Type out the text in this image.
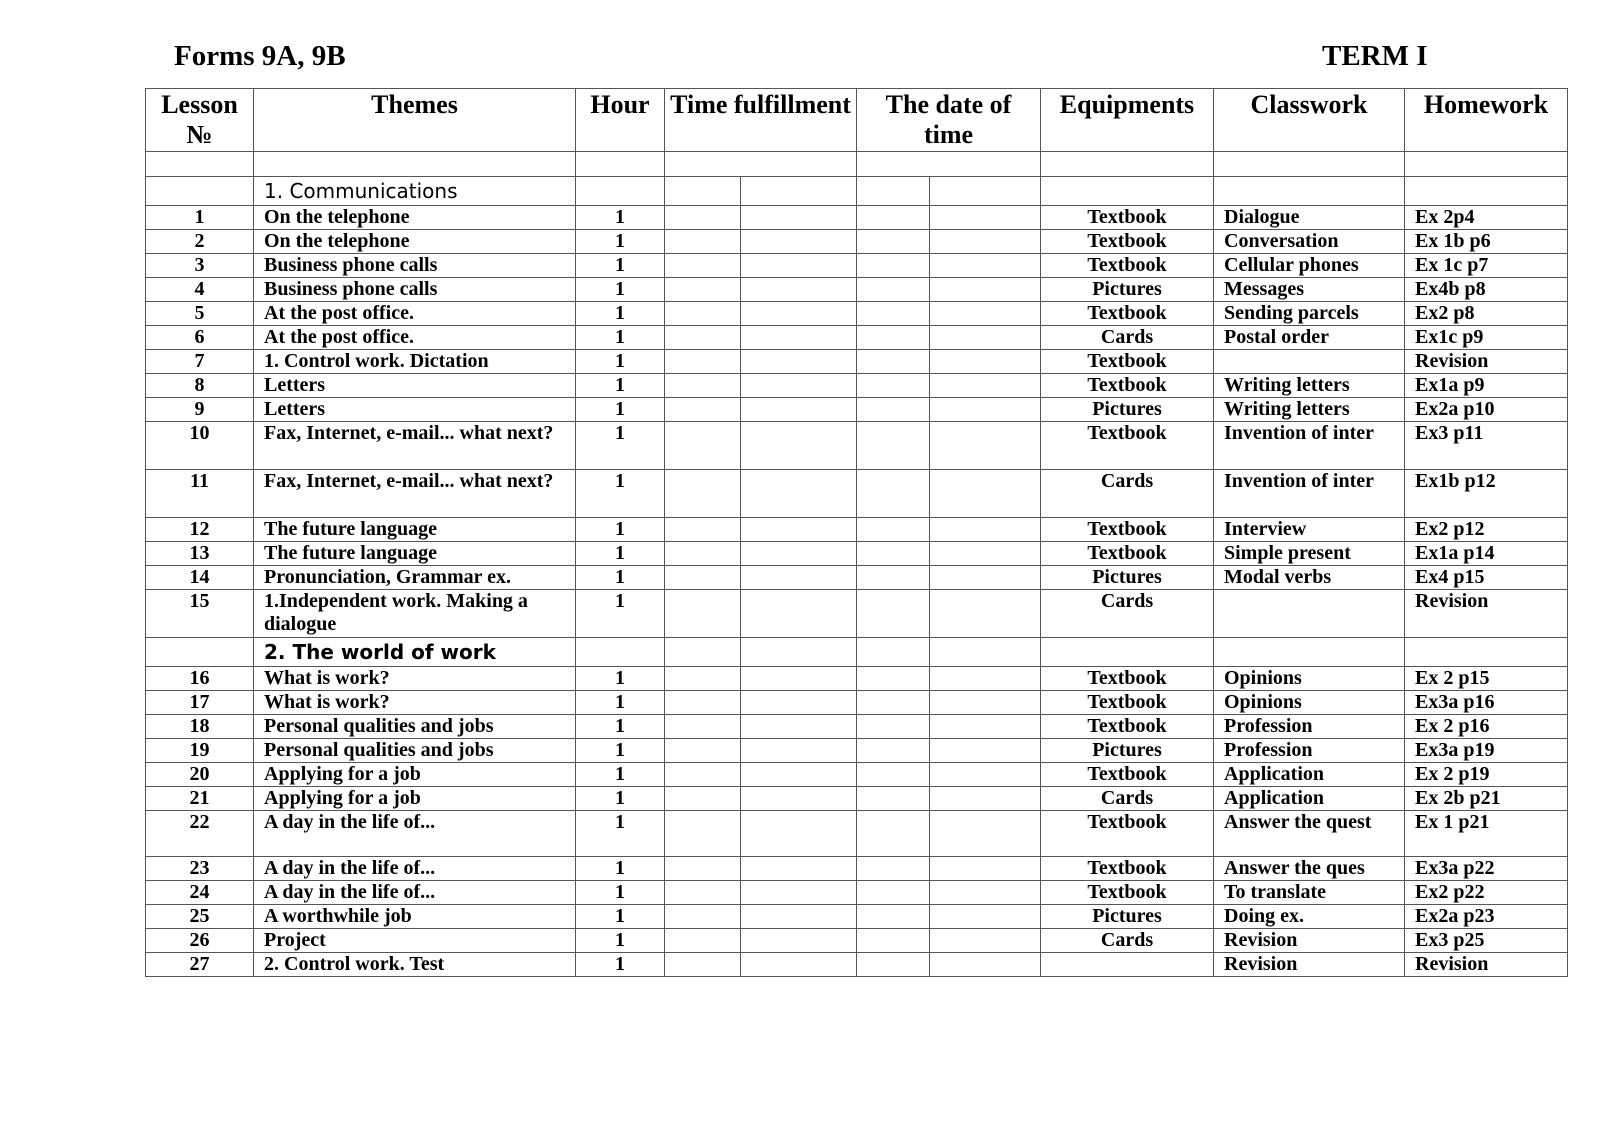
Forms 9A, 9B	TERM I
Lesson №	Themes	Hour	Time fulfillment		The date of time		Equipments	Classwork	Homework

	1. Communications								
1	On the telephone	1					Textbook	Dialogue	Ex 2p4
2	On the telephone	1					Textbook	Conversation	Ex 1b p6
3	Business phone calls	1					Textbook	Cellular phones	Ex 1c p7
4	Business phone calls	1					Pictures	Messages	Ex4b p8
5	At the post office.	1					Textbook	Sending parcels	Ex2 p8
6	At the post office.	1					Cards	Postal order	Ex1c p9
7	1. Control work. Dictation	1					Textbook		Revision
8	Letters	1					Textbook	Writing letters	Ex1a p9
9	Letters	1					Pictures	Writing letters	Ex2a p10
10	Fax, Internet, e-mail... what next?	1					Textbook	Invention of inter	Ex3 p11
11	Fax, Internet, e-mail... what next?	1					Cards	Invention of inter	Ex1b p12
12	The future language	1					Textbook	Interview	Ex2 p12
13	The future language	1					Textbook	Simple present	Ex1a p14
14	Pronunciation, Grammar ex.	1					Pictures	Modal verbs	Ex4 p15
15	1.Independent work. Making a dialogue	1					Cards		Revision
	2. The world of work								
16	What is work?	1					Textbook	Opinions	Ex 2 p15
17	What is work?	1					Textbook	Opinions	Ex3a p16
18	Personal qualities and jobs	1					Textbook	Profession	Ex 2 p16
19	Personal qualities and jobs	1					Pictures	Profession	Ex3a p19
20	Applying for a job	1					Textbook	Application	Ex 2 p19
21	Applying for a job	1					Cards	Application	Ex 2b p21
22	A day in the life of...	1					Textbook	Answer the quest	Ex 1 p21
23	A day in the life of...	1					Textbook	Answer the ques	Ex3a p22
24	A day in the life of...	1					Textbook	To translate	Ex2 p22
25	A worthwhile job	1					Pictures	Doing ex.	Ex2a p23
26	Project	1					Cards	Revision	Ex3 p25
27	2. Control work. Test	1						Revision	Revision
